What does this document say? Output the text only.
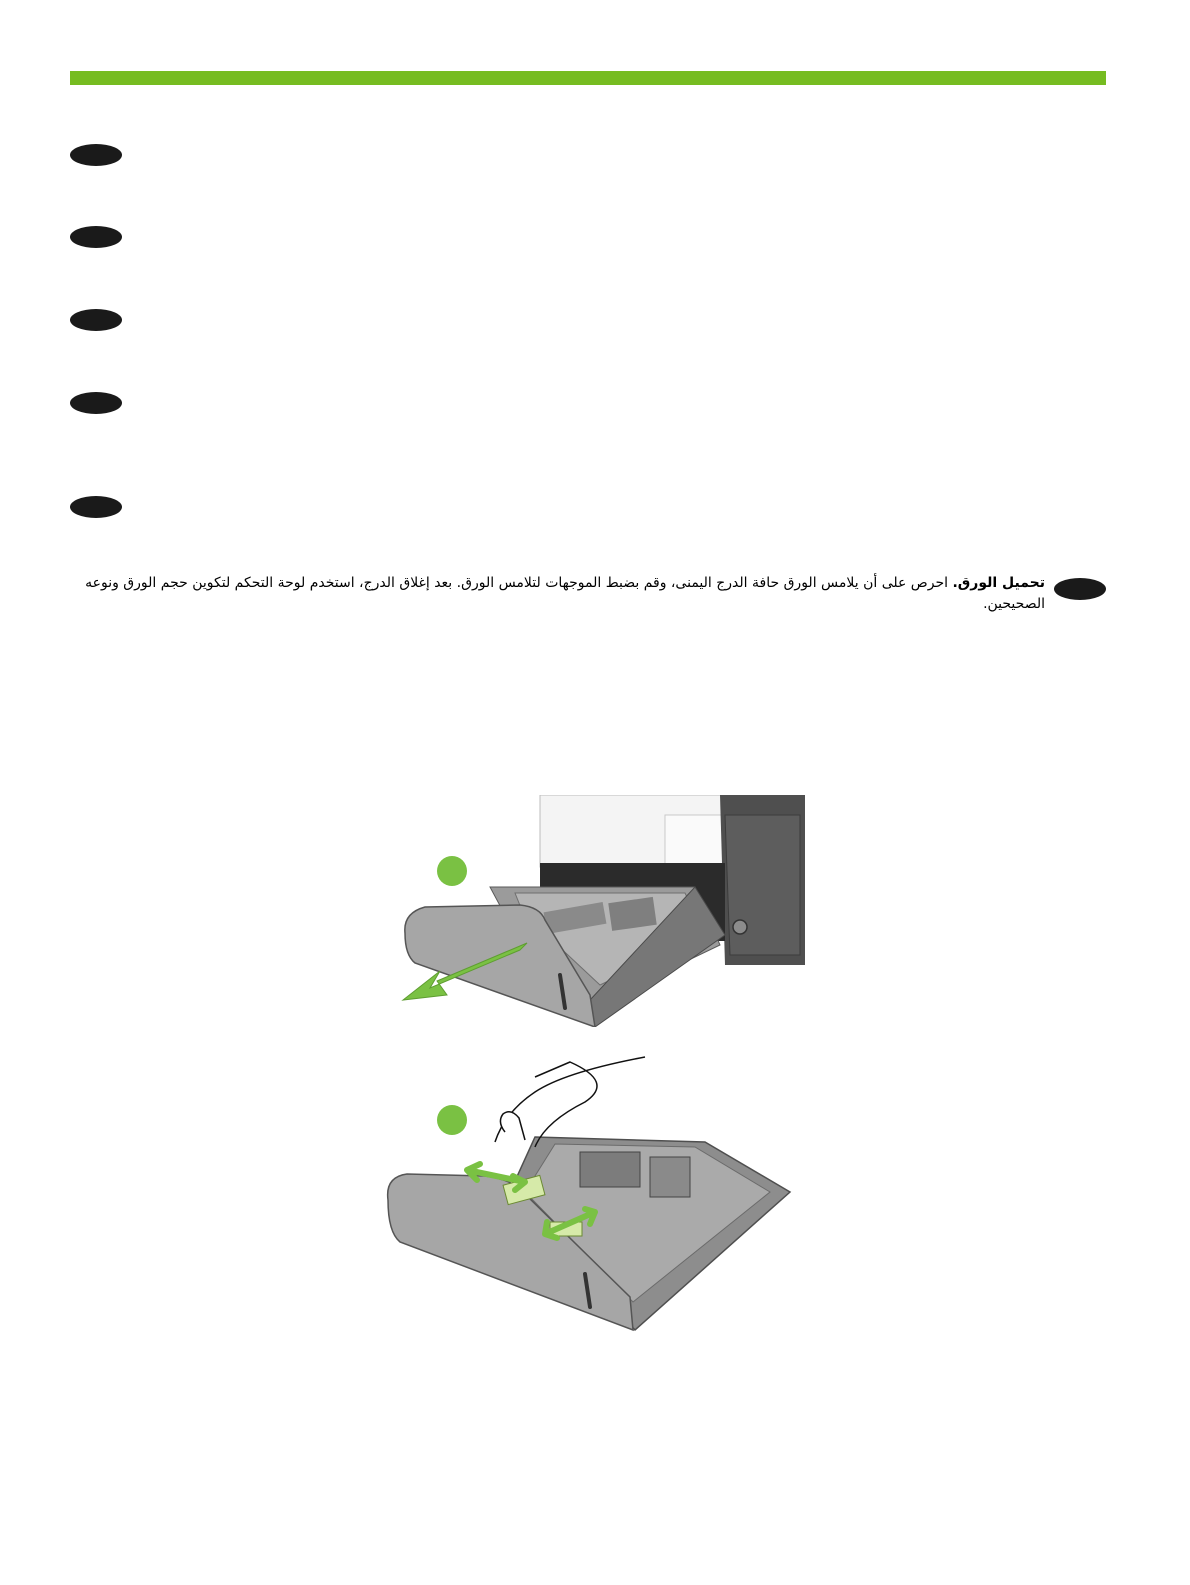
تحميل الورق. احرص على أن يلامس الورق حافة الدرج اليمنى، وقم بضبط الموجهات لتلامس الورق. بعد إغلاق الدرج، استخدم لوحة التحكم لتكوين حجم الورق ونوعه الصحيحين.
